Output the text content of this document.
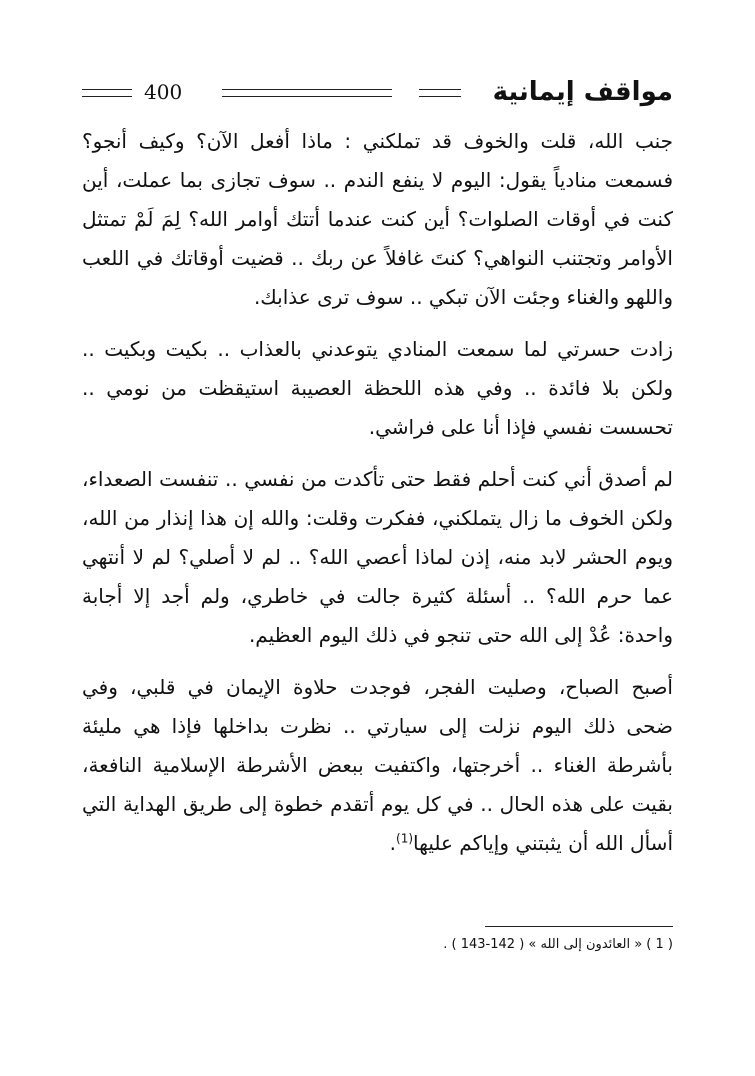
مواقف إيمانية
400

جنب الله، قلت والخوف قد تملكني : ماذا أفعل الآن؟ وكيف أنجو؟ فسمعت منادياً يقول: اليوم لا ينفع الندم .. سوف تجازى بما عملت، أين كنت في أوقات الصلوات؟ أين كنت عندما أتتك أوامر الله؟ لِمَ لَمْ تمتثل الأوامر وتجتنب النواهي؟ كنتَ غافلاً عن ربك .. قضيت أوقاتك في اللعب واللهو والغناء وجئت الآن تبكي .. سوف ترى عذابك.

زادت حسرتي لما سمعت المنادي يتوعدني بالعذاب .. بكيت وبكيت .. ولكن بلا فائدة .. وفي هذه اللحظة العصيبة استيقظت من نومي .. تحسست نفسي فإذا أنا على فراشي.

لم أصدق أني كنت أحلم فقط حتى تأكدت من نفسي .. تنفست الصعداء، ولكن الخوف ما زال يتملكني، ففكرت وقلت: والله إن هذا إنذار من الله، ويوم الحشر لابد منه، إذن لماذا أعصي الله؟ .. لم لا أصلي؟ لم لا أنتهي عما حرم الله؟ .. أسئلة كثيرة جالت في خاطري، ولم أجد إلا أجابة واحدة: عُدْ إلى الله حتى تنجو في ذلك اليوم العظيم.

أصبح الصباح، وصليت الفجر، فوجدت حلاوة الإيمان في قلبي، وفي ضحى ذلك اليوم نزلت إلى سيارتي .. نظرت بداخلها فإذا هي مليئة بأشرطة الغناء .. أخرجتها، واكتفيت ببعض الأشرطة الإسلامية النافعة، بقيت على هذه الحال .. في كل يوم أتقدم خطوة إلى طريق الهداية التي أسأل الله أن يثبتني وإياكم عليها$^{(1)}$.

( 1 ) « العائدون إلى الله » ( 142-143 ) .
